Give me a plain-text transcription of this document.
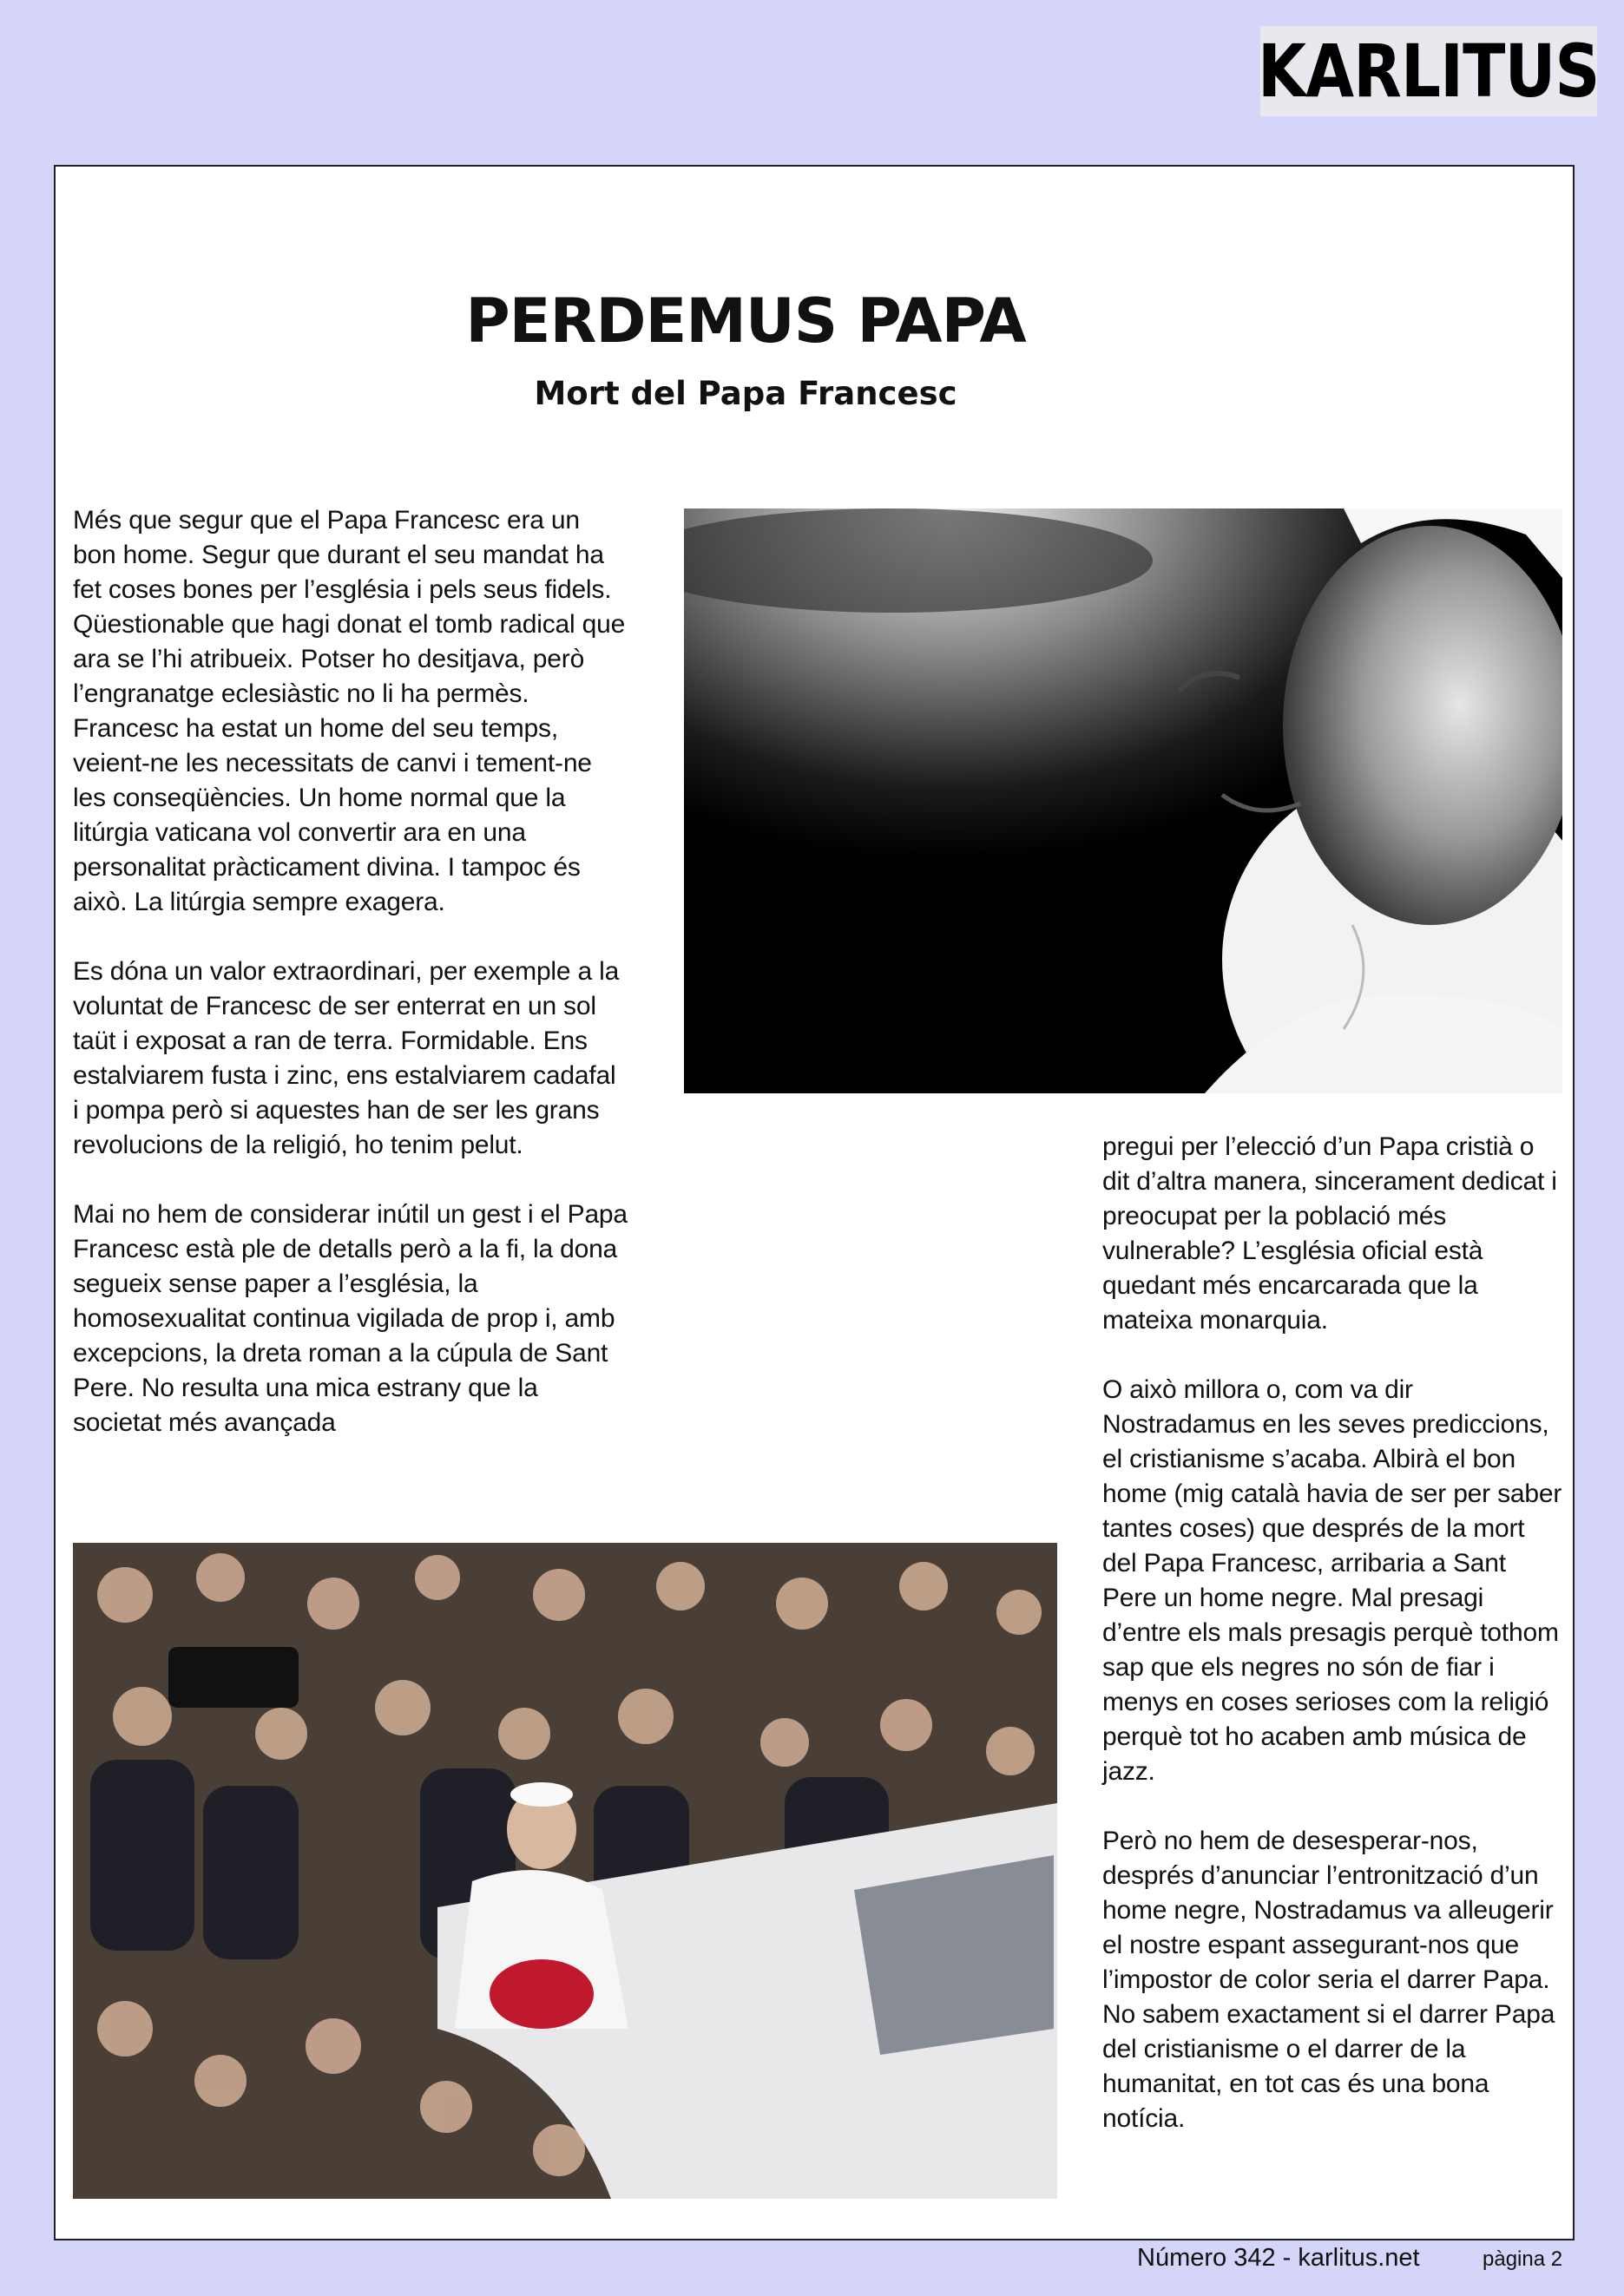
KARLITUS
PERDEMUS PAPA
Mort del Papa Francesc

Més que segur que el Papa Francesc era un bon home. Segur que durant el seu mandat ha fet coses bones per l’església i pels seus fidels. Qüestionable que hagi donat el tomb radical que ara se l’hi atribueix. Potser ho desitjava, però l’engranatge eclesiàstic no li ha permès. Francesc ha estat un home del seu temps, veient-ne les necessitats de canvi i tement-ne les conseqüències. Un home normal que la litúrgia vaticana vol convertir ara en una personalitat pràcticament divina. I tampoc és això. La litúrgia sempre exagera.

Es dóna un valor extraordinari, per exemple a la voluntat de Francesc de ser enterrat en un sol taüt i exposat a ran de terra. Formidable. Ens estalviarem fusta i zinc, ens estalviarem cadafal i pompa però si aquestes han de ser les grans revolucions de la religió, ho tenim pelut.

Mai no hem de considerar inútil un gest i el Papa Francesc està ple de detalls però a la fi, la dona segueix sense paper a l’església, la homosexualitat continua vigilada de prop i, amb excepcions, la dreta roman a la cúpula de Sant Pere. No resulta una mica estrany que la societat més avançada

pregui per l’elecció d’un Papa cristià o dit d’altra manera, sincerament dedicat i preocupat per la població més vulnerable? L’església oficial està quedant més encarcarada que la mateixa monarquia.

O això millora o, com va dir Nostradamus en les seves prediccions, el cristianisme s’acaba. Albirà el bon home (mig català havia de ser per saber tantes coses) que després de la mort del Papa Francesc, arribaria a Sant Pere un home negre. Mal presagi d’entre els mals presagis perquè tothom sap que els negres no són de fiar i menys en coses serioses com la religió perquè tot ho acaben amb música de jazz.

Però no hem de desesperar-nos, després d’anunciar l’entronització d’un home negre, Nostradamus va alleugerir el nostre espant assegurant-nos que l’impostor de color seria el darrer Papa. No sabem exactament si el darrer Papa del cristianisme o el darrer de la humanitat, en tot cas és una bona notícia.

Número 342 - karlitus.net	pàgina 2
